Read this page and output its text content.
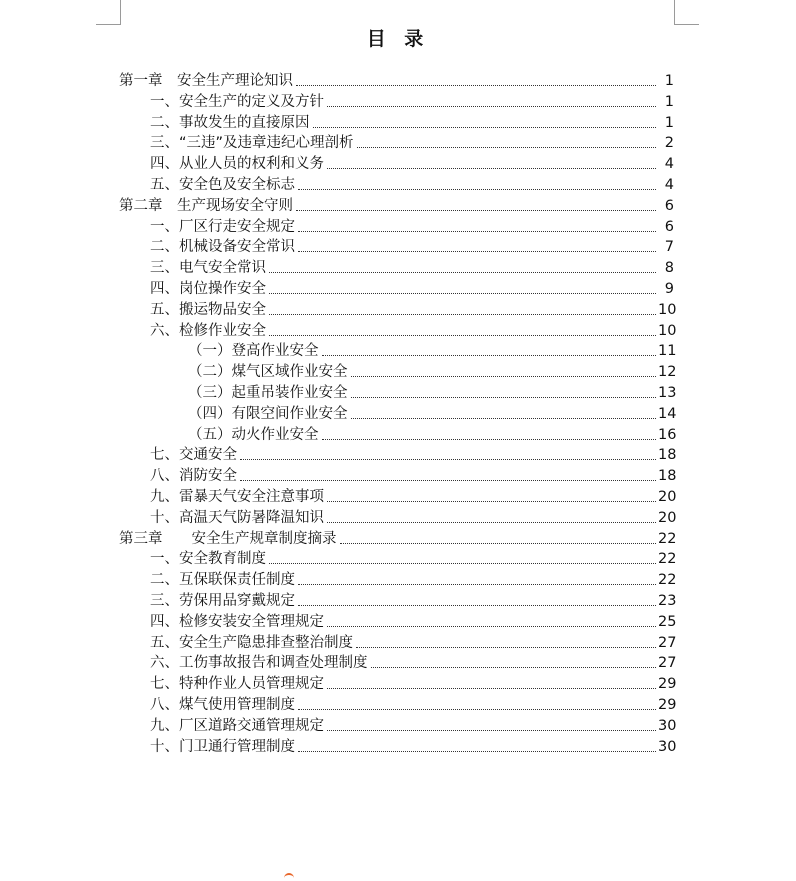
目 录
第一章　安全生产理论知识	1
一、安全生产的定义及方针	1
二、事故发生的直接原因	1
三、“三违”及违章违纪心理剖析	2
四、从业人员的权利和义务	4
五、安全色及安全标志	4
第二章　生产现场安全守则	6
一、厂区行走安全规定	6
二、机械设备安全常识	7
三、电气安全常识	8
四、岗位操作安全	9
五、搬运物品安全	10
六、检修作业安全	10
（一）登高作业安全	11
（二）煤气区域作业安全	12
（三）起重吊装作业安全	13
（四）有限空间作业安全	14
（五）动火作业安全	16
七、交通安全	18
八、消防安全	18
九、雷暴天气安全注意事项	20
十、高温天气防暑降温知识	20
第三章　　安全生产规章制度摘录	22
一、安全教育制度	22
二、互保联保责任制度	22
三、劳保用品穿戴规定	23
四、检修安装安全管理规定	25
五、安全生产隐患排查整治制度	27
六、工伤事故报告和调查处理制度	27
七、特种作业人员管理规定	29
八、煤气使用管理制度	29
九、厂区道路交通管理规定	30
十、门卫通行管理制度	30
